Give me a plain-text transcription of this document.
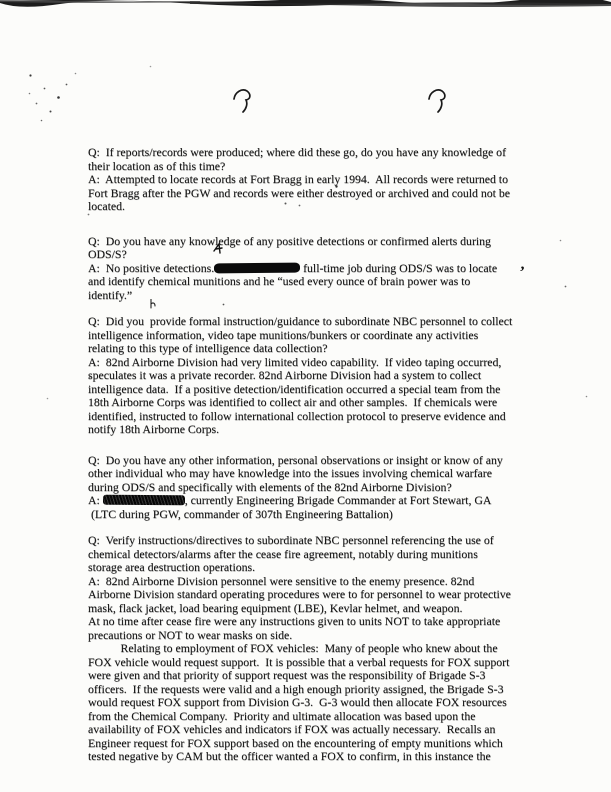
’
Q:  If reports/records were produced; where did these go, do you have any knowledge of
their location as of this time?
A:  Attempted to locate records at Fort Bragg in early 1994.  All records were returned to
Fort Bragg after the PGW and records were either destroyed or archived and could not be
located.
Q:  Do you have any knowledge of any positive detections or confirmed alerts during
ODS/S?
A:  No positive detections.	full-time job during ODS/S was to locate
and identify chemical munitions and he “used every ounce of brain power was to
identify.”
Q:  Did you  provide formal instruction/guidance to subordinate NBC personnel to collect
intelligence information, video tape munitions/bunkers or coordinate any activities
relating to this type of intelligence data collection?
A:  82nd Airborne Division had very limited video capability.  If video taping occurred,
speculates it was a private recorder. 82nd Airborne Division had a system to collect
intelligence data.  If a positive detection/identification occurred a special team from the
18th Airborne Corps was identified to collect air and other samples.  If chemicals were
identified, instructed to follow international collection protocol to preserve evidence and
notify 18th Airborne Corps.
Q:  Do you have any other information, personal observations or insight or know of any
other individual who may have knowledge into the issues involving chemical warfare
during ODS/S and specifically with elements of the 82nd Airborne Division?
A:	, currently Engineering Brigade Commander at Fort Stewart, GA
(LTC during PGW, commander of 307th Engineering Battalion)
Q:  Verify instructions/directives to subordinate NBC personnel referencing the use of
chemical detectors/alarms after the cease fire agreement, notably during munitions
storage area destruction operations.
A:  82nd Airborne Division personnel were sensitive to the enemy presence. 82nd
Airborne Division standard operating procedures were to for personnel to wear protective
mask, flack jacket, load bearing equipment (LBE), Kevlar helmet, and weapon.
At no time after cease fire were any instructions given to units NOT to take appropriate
precautions or NOT to wear masks on side.
Relating to employment of FOX vehicles:  Many of people who knew about the
FOX vehicle would request support.  It is possible that a verbal requests for FOX support
were given and that priority of support request was the responsibility of Brigade S-3
officers.  If the requests were valid and a high enough priority assigned, the Brigade S-3
would request FOX support from Division G-3.  G-3 would then allocate FOX resources
from the Chemical Company.  Priority and ultimate allocation was based upon the
availability of FOX vehicles and indicators if FOX was actually necessary.  Recalls an
Engineer request for FOX support based on the encountering of empty munitions which
tested negative by CAM but the officer wanted a FOX to confirm, in this instance the
